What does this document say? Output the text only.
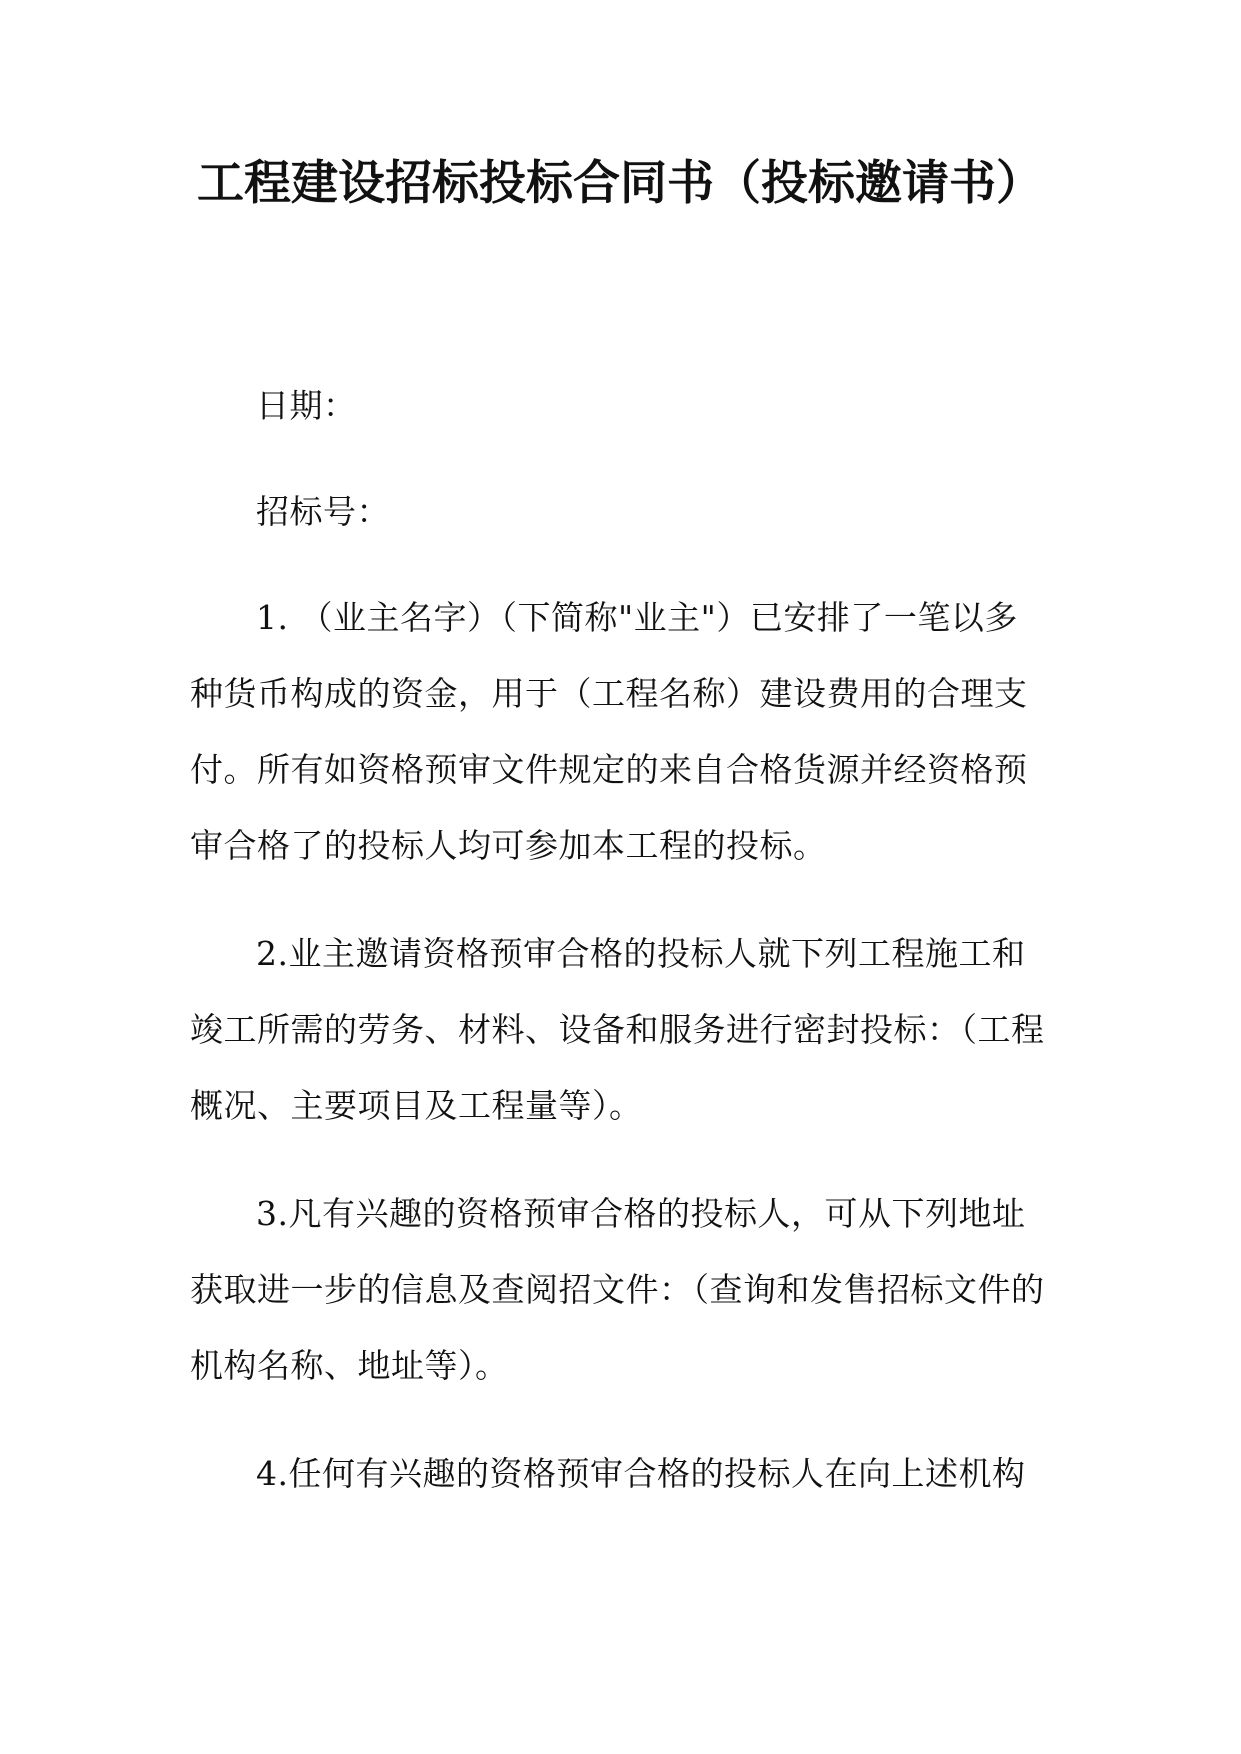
工程建设招标投标合同书（投标邀请书）

日期：

招标号：

1. （业主名字）（下简称"业主"）已安排了一笔以多种货币构成的资金，用于（工程名称）建设费用的合理支付。所有如资格预审文件规定的来自合格货源并经资格预审合格了的投标人均可参加本工程的投标。

2.业主邀请资格预审合格的投标人就下列工程施工和竣工所需的劳务、材料、设备和服务进行密封投标：（工程概况、主要项目及工程量等）。

3.凡有兴趣的资格预审合格的投标人，可从下列地址获取进一步的信息及查阅招文件：（查询和发售招标文件的机构名称、地址等）。

4.任何有兴趣的资格预审合格的投标人在向上述机构
